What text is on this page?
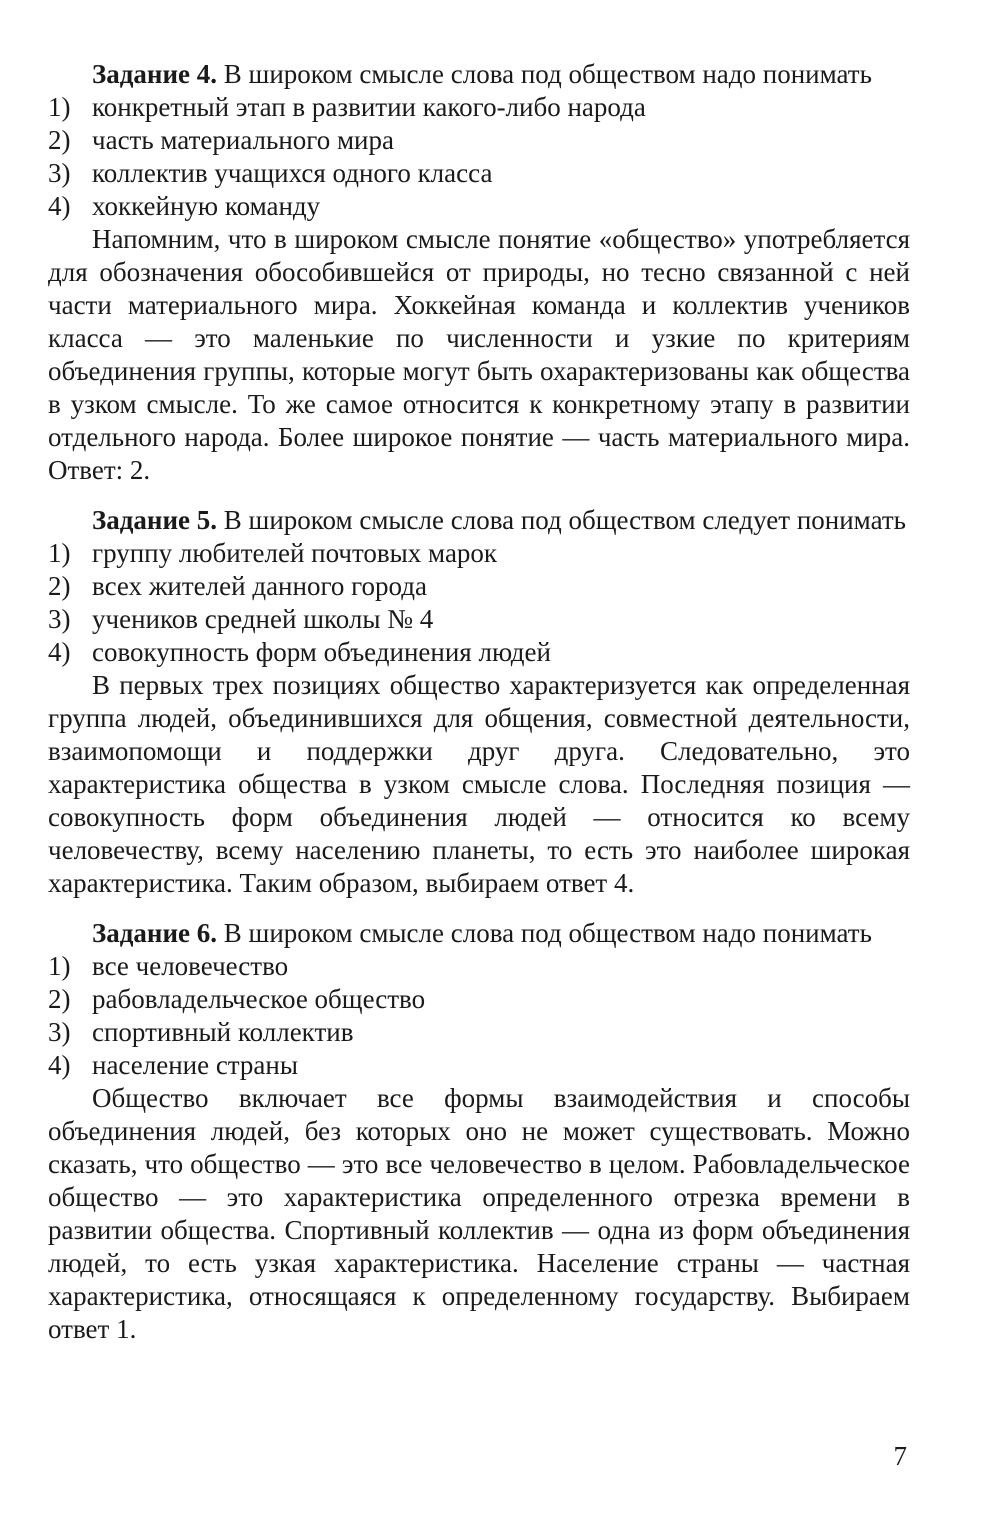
Задание 4. В широком смысле слова под обществом надо понимать

1) конкретный этап в развитии какого-либо народа
2) часть материального мира
3) коллектив учащихся одного класса
4) хоккейную команду

Напомним, что в широком смысле понятие «общество» употребляется для обозначения обособившейся от природы, но тесно связанной с ней части материального мира. Хоккейная команда и коллектив учеников класса — это маленькие по численности и узкие по критериям объединения группы, которые могут быть охарактеризованы как общества в узком смысле. То же самое относится к конкретному этапу в развитии отдельного народа. Более широкое понятие — часть материального мира. Ответ: 2.

Задание 5. В широком смысле слова под обществом следует понимать

1) группу любителей почтовых марок
2) всех жителей данного города
3) учеников средней школы № 4
4) совокупность форм объединения людей

В первых трех позициях общество характеризуется как определенная группа людей, объединившихся для общения, совместной деятельности, взаимопомощи и поддержки друг друга. Следовательно, это характеристика общества в узком смысле слова. Последняя позиция — совокупность форм объединения людей — относится ко всему человечеству, всему населению планеты, то есть это наиболее широкая характеристика. Таким образом, выбираем ответ 4.

Задание 6. В широком смысле слова под обществом надо понимать

1) все человечество
2) рабовладельческое общество
3) спортивный коллектив
4) население страны

Общество включает все формы взаимодействия и способы объединения людей, без которых оно не может существовать. Можно сказать, что общество — это все человечество в целом. Рабовладельческое общество — это характеристика определенного отрезка времени в развитии общества. Спортивный коллектив — одна из форм объединения людей, то есть узкая характеристика. Население страны — частная характеристика, относящаяся к определенному государству. Выбираем ответ 1.

7
